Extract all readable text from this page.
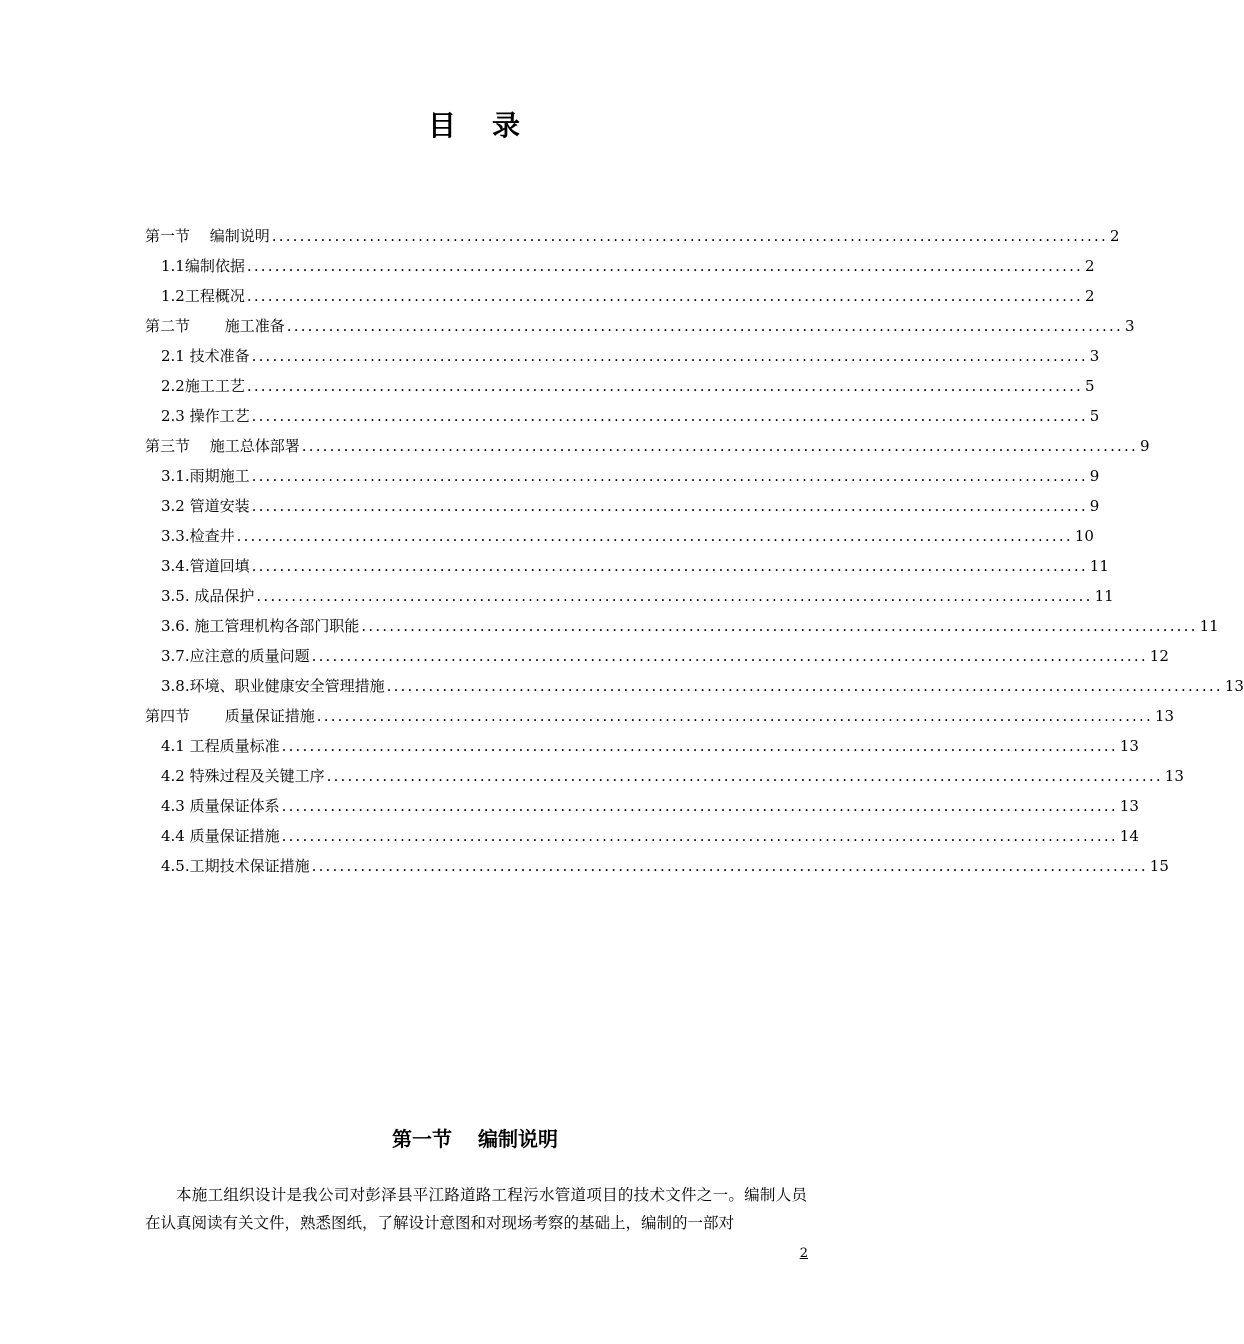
目 录
第一节　 编制说明 ........................................................................................................................ 2
1.1编制依据 ........................................................................................................................ 2
1.2工程概况 ........................................................................................................................ 2
第二节 　　施工准备 ........................................................................................................................ 3
2.1 技术准备 ........................................................................................................................ 3
2.2施工工艺 ........................................................................................................................ 5
2.3 操作工艺 ........................................................................................................................ 5
第三节 　施工总体部署 ........................................................................................................................ 9
3.1.雨期施工 ........................................................................................................................ 9
3.2 管道安装 ........................................................................................................................ 9
3.3.检查井 ........................................................................................................................ 10
3.4.管道回填 ........................................................................................................................ 11
3.5. 成品保护 ........................................................................................................................ 11
3.6. 施工管理机构各部门职能 ........................................................................................................................ 11
3.7.应注意的质量问题 ........................................................................................................................ 12
3.8.环境、职业健康安全管理措施 ........................................................................................................................ 13
第四节 　　质量保证措施 ........................................................................................................................ 13
4.1 工程质量标准 ........................................................................................................................ 13
4.2 特殊过程及关键工序 ........................................................................................................................ 13
4.3 质量保证体系 ........................................................................................................................ 13
4.4 质量保证措施 ........................................................................................................................ 14
4.5.工期技术保证措施 ........................................................................................................................ 15
第一节 编制说明
本施工组织设计是我公司对彭泽县平江路道路工程污水管道项目的技术文件之一。编制人员在认真阅读有关文件，熟悉图纸，了解设计意图和对现场考察的基础上，编制的一部对
2
